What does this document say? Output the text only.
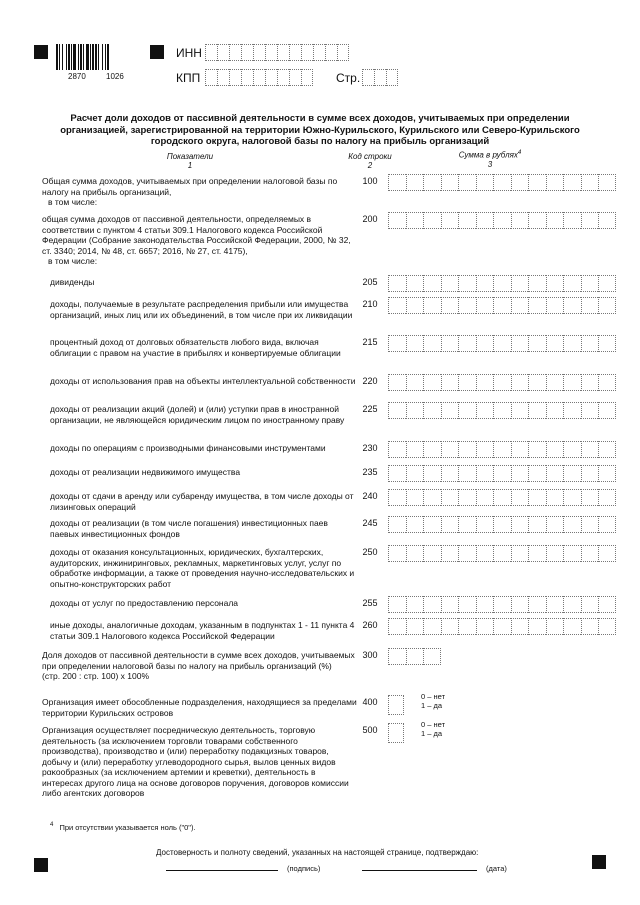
2870	1026
ИНН
КПП	Стр.
Расчет доли доходов от пассивной деятельности в сумме всех доходов, учитываемых при определении организацией, зарегистрированной на территории Южно-Курильского, Курильского или Северо-Курильского городского округа, налоговой базы по налогу на прибыль организаций
Показатели
1
Код строки
2
Сумма в рублях$^4$
3
Общая сумма доходов, учитываемых при определении налоговой базы по налогу на прибыль организаций,
в том числе:
100
общая сумма доходов от пассивной деятельности, определяемых в соответствии с пунктом 4 статьи 309.1 Налогового кодекса Российской Федерации (Собрание законодательства Российской Федерации, 2000, № 32, ст. 3340; 2014, № 48, ст. 6657; 2016, № 27, ст. 4175),
в том числе:
200
дивиденды	205
доходы, получаемые в результате распределения прибыли или имущества организаций, иных лиц или их объединений, в том числе при их ликвидации
210
процентный доход от долговых обязательств любого вида, включая облигации с правом на участие в прибылях и конвертируемые облигации
215
доходы от использования прав на объекты интеллектуальной собственности 220
доходы от реализации акций (долей) и (или) уступки прав в иностранной организации, не являющейся юридическим лицом по иностранному праву
225
доходы по операциям с производными финансовыми инструментами	230
доходы от реализации недвижимого имущества	235
доходы от сдачи в аренду или субаренду имущества, в том числе доходы от лизинговых операций
240
доходы от реализации (в том числе погашения) инвестиционных паев паевых инвестиционных фондов
245
доходы от оказания консультационных, юридических, бухгалтерских, аудиторских, инжиниринговых, рекламных, маркетинговых услуг, услуг по обработке информации, а также от проведения научно-исследовательских и опытно-конструкторских работ
250
доходы от услуг по предоставлению персонала	255
иные доходы, аналогичные доходам, указанным в подпунктах 1 - 11 пункта 4 статьи 309.1 Налогового кодекса Российской Федерации
260
Доля доходов от пассивной деятельности в сумме всех доходов, учитываемых при определении налоговой базы по налогу на прибыль организаций (%)
(стр. 200 : стр. 100) х 100%
300
Организация имеет обособленные подразделения, находящиеся за пределами территории Курильских островов
400
0 – нет
1 – да
Организация осуществляет посредническую деятельность, торговую деятельность (за исключением торговли товарами собственного производства), производство и (или) переработку подакцизных товаров, добычу и (или) переработку углеводородного сырья, вылов ценных видов рακообразных (за исключением артемии и креветки), деятельность в интересах другого лица на основе договоров поручения, договоров комиссии либо агентских договоров
500
0 – нет
1 – да
$^4$ При отсутствии указывается ноль ("0").
Достоверность и полноту сведений, указанных на настоящей странице, подтверждаю:
(подпись)	(дата)
